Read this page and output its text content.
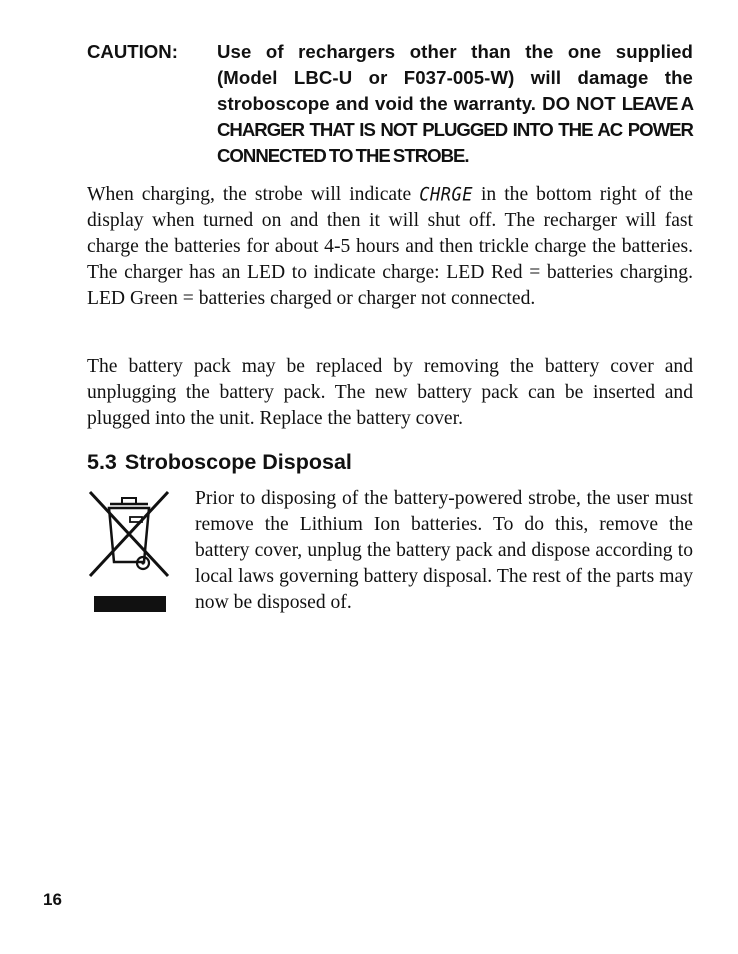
CAUTION: Use of rechargers other than the one supplied (Model LBC-U or F037-005-W) will damage the stroboscope and void the warranty. DO NOT LEAVE A CHARGER THAT IS NOT PLUGGED INTO THE AC POWER CONNECTED TO THE STROBE.

When charging, the strobe will indicate CHRGE in the bottom right of the display when turned on and then it will shut off. The recharger will fast charge the batteries for about 4-5 hours and then trickle charge the batteries. The charger has an LED to indicate charge: LED Red = batteries charging. LED Green = batteries charged or charger not connected.

The battery pack may be replaced by removing the battery cover and unplugging the battery pack. The new battery pack can be inserted and plugged into the unit. Replace the battery cover.

5.3 Stroboscope Disposal

Prior to disposing of the battery-powered strobe, the user must remove the Lithium Ion batteries. To do this, remove the battery cover, unplug the battery pack and dispose according to local laws governing battery disposal. The rest of the parts may now be disposed of.

16
